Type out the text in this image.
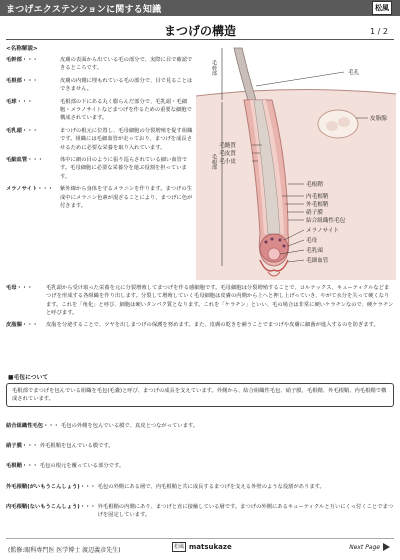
まつげエクステンションに関する知識	松風
まつげの構造	1 / 2
<名称解説>
毛幹部・・・	皮膚の表面から出ている毛の部分で、実際に目で確認できるところです。
毛根部・・・	皮膚の内側に埋もれている毛の部分で、目で見ることはできません。
毛球・・・	毛根部の下にある丸く膨らんだ部分で、毛乳頭・毛細胞・メラノサイトなどまつげを作るための重要な細胞で構成されています。
毛乳頭・・・	まつげの根元に位置し、毛母細胞の分裂増殖を促す組織です。組織には毛細血管が走っており、まつげを成長させるために必要な栄養を取り入れています。
毛細血管・・・	体中に網の目のように張り巡らされている細い血管です。毛母細胞に必要な栄養分を運ぶ役割を担っています。
メラノサイト・・・	紫外線から身体を守るメラニンを作ります。まつげの生成中にメラニン色素が混ざることにより、まつげに色が付きます。
毛幹部
毛根部
毛孔
皮脂腺
毛髄質
毛皮質
毛小皮
毛根鞘
内毛根鞘
外毛根鞘
硝子膜
結合組織性毛包
メラノサイト
毛母
毛乳頭
毛細血管
毛母・・・	毛乳頭から受け取った栄養を元に分裂増殖してまつげを作る感細胞です。毛母細胞は分裂増殖することで、コルテックス、キューティクルなどまつげを形成する各組織を作り出します。分裂して増殖していく毛母細胞は皮膚の内側から上へと押し上げっていき、やがて水分を失って硬くなります。これを「角化」と呼び、細胞は硬いタンパク質となります。これを「ケラチン」といい、毛の場合は非常に硬いケラチンなので、硬ケラチンと呼びます。
皮脂腺・・・	皮脂を分泌することで、ツヤを出しまつげの保護を努めます。また、皮膚の乾きを補うことでまつげや皮膚に細菌が進入するのを防ぎます。
■毛包について
毛根部でまつげを包んでいる組織を毛包(毛嚢)と呼び、まつげの成長を支えています。外側から、結合組織性毛包、硝子膜、毛根鞘、外毛根鞘、内毛根鞘で構成されています。
結合組織性毛包・・・ 毛包の外側を包んでいる膜で、真皮とつながっています。
硝子膜・・・ 外毛根鞘を包んでいる膜です。
毛根鞘・・・ 毛包の根元を覆っている部分です。
外毛根鞘(がいもうこんしょう)・・・ 毛包の外側にある層で、内毛根鞘と共に成長するまつげを支える外壁のような役割があります。
内毛根鞘(ないもうこんしょう)・・・ 外毛根鞘の内側にあり、まつげと直に接触している層です。まつげの外側にあるキューティクルと互いにくっ付くことでまつげを固定しています。
(監修:眼科専門医 医学博士 渡辺義彦先生)	松風 matsukaze	Next Page
